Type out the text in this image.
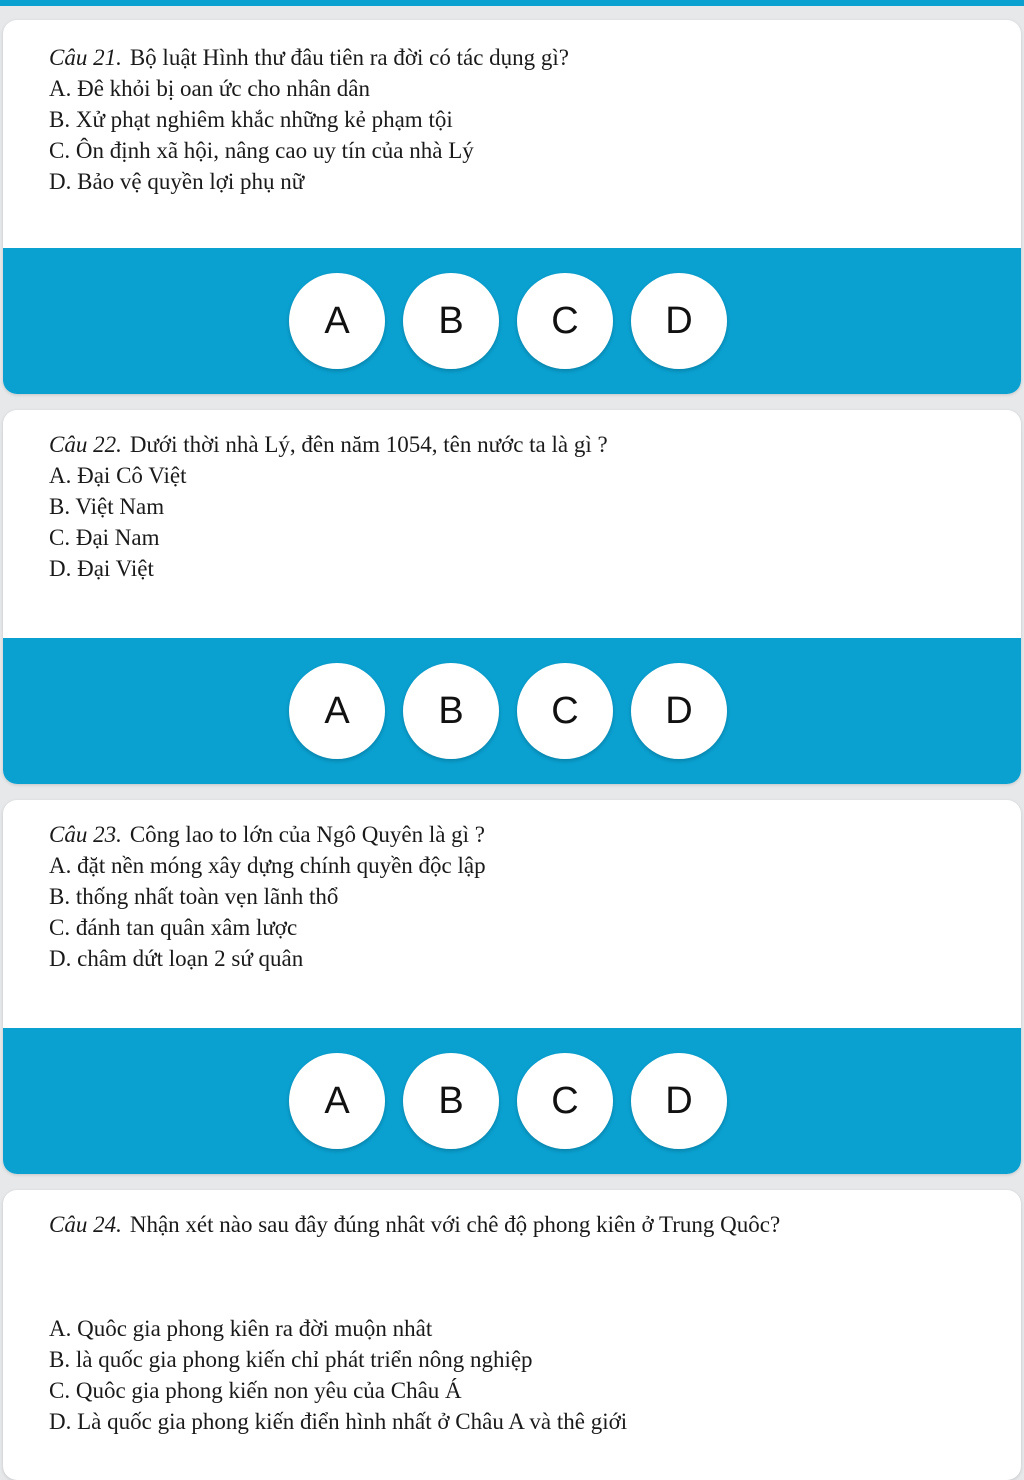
Câu 21. Bộ luật Hình thư đâu tiên ra đời có tác dụng gì?

A. Đê khỏi bị oan ức cho nhân dân

B. Xử phạt nghiêm khắc những kẻ phạm tội

C. Ôn định xã hội, nâng cao uy tín của nhà Lý

D. Bảo vệ quyền lợi phụ nữ

A	B	C	D

Câu 22. Dưới thời nhà Lý, đên năm 1054, tên nước ta là gì ?

A. Đại Cô Việt

B. Việt Nam

C. Đại Nam

D. Đại Việt

A	B	C	D

Câu 23. Công lao to lớn của Ngô Quyên là gì ?

A. đặt nền móng xây dựng chính quyền độc lập

B. thống nhất toàn vẹn lãnh thổ

C. đánh tan quân xâm lược

D. châm dứt loạn 2 sứ quân

A	B	C	D

Câu 24. Nhận xét nào sau đây đúng nhât với chê độ phong kiên ở Trung Quôc?

A. Quôc gia phong kiên ra đời muộn nhât

B. là quốc gia phong kiến chỉ phát triển nông nghiệp

C. Quôc gia phong kiến non yêu của Châu Á

D. Là quốc gia phong kiến điển hình nhất ở Châu A và thê giới
